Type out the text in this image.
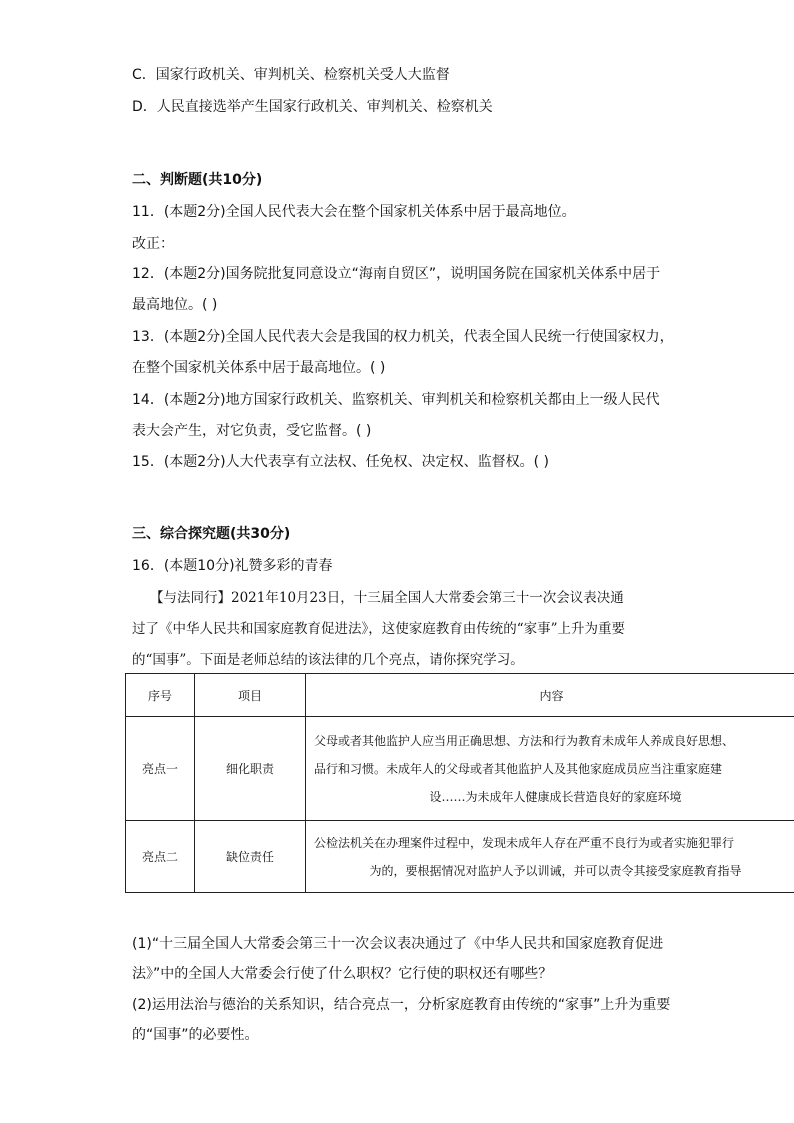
C．国家行政机关、审判机关、检察机关受人大监督
D．人民直接选举产生国家行政机关、审判机关、检察机关
二、判断题(共10分)
11．(本题2分)全国人民代表大会在整个国家机关体系中居于最高地位。
改正：
12．(本题2分)国务院批复同意设立“海南自贸区”，说明国务院在国家机关体系中居于
最高地位。( )
13．(本题2分)全国人民代表大会是我国的权力机关，代表全国人民统一行使国家权力，
在整个国家机关体系中居于最高地位。( )
14．(本题2分)地方国家行政机关、监察机关、审判机关和检察机关都由上一级人民代
表大会产生，对它负责，受它监督。( )
15．(本题2分)人大代表享有立法权、任免权、决定权、监督权。( )
三、综合探究题(共30分)
16．(本题10分)礼赞多彩的青春
【与法同行】2021年10月23日，十三届全国人大常委会第三十一次会议表决通
过了《中华人民共和国家庭教育促进法》，这使家庭教育由传统的“家事”上升为重要
的“国事”。下面是老师总结的该法律的几个亮点，请你探究学习。
序号	项目	内容
亮点一	细化职责	父母或者其他监护人应当用正确思想、方法和行为教育未成年人养成良好思想、
品行和习惯。未成年人的父母或者其他监护人及其他家庭成员应当注重家庭建
设……为未成年人健康成长营造良好的家庭环境

亮点二	缺位责任	公检法机关在办理案件过程中，发现未成年人存在严重不良行为或者实施犯罪行
为的，要根据情况对监护人予以训诫，并可以责令其接受家庭教育指导
(1)“十三届全国人大常委会第三十一次会议表决通过了《中华人民共和国家庭教育促进
法》”中的全国人大常委会行使了什么职权？它行使的职权还有哪些？
(2)运用法治与德治的关系知识，结合亮点一，分析家庭教育由传统的“家事”上升为重要
的“国事”的必要性。
